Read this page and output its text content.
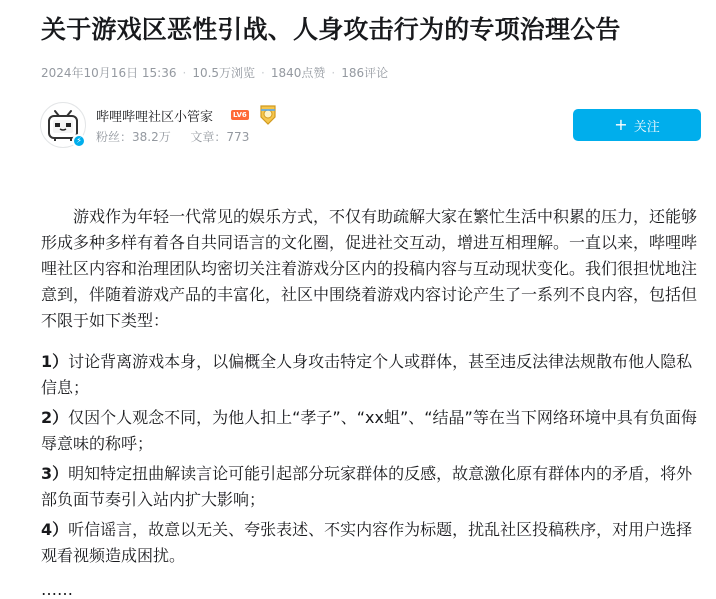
关于游戏区恶性引战、人身攻击行为的专项治理公告
2024年10月16日 15:36 · 10.5万浏览 · 1840点赞 · 186评论
⚡
哔哩哔哩社区小管家	LV6
粉丝：38.2万 文章：773
+ 关注

游戏作为年轻一代常见的娱乐方式，不仅有助疏解大家在繁忙生活中积累的压力，还能够形成多种多样有着各自共同语言的文化圈，促进社交互动，增进互相理解。一直以来，哔哩哔哩社区内容和治理团队均密切关注着游戏分区内的投稿内容与互动现状变化。我们很担忧地注意到，伴随着游戏产品的丰富化，社区中围绕着游戏内容讨论产生了一系列不良内容，包括但不限于如下类型：

1）讨论背离游戏本身，以偏概全人身攻击特定个人或群体，甚至违反法律法规散布他人隐私信息；

2）仅因个人观念不同，为他人扣上“孝子”、“xx蛆”、“结晶”等在当下网络环境中具有负面侮辱意味的称呼；

3）明知特定扭曲解读言论可能引起部分玩家群体的反感，故意激化原有群体内的矛盾，将外部负面节奏引入站内扩大影响；

4）听信谣言，故意以无关、夸张表述、不实内容作为标题，扰乱社区投稿秩序，对用户选择观看视频造成困扰。

……
